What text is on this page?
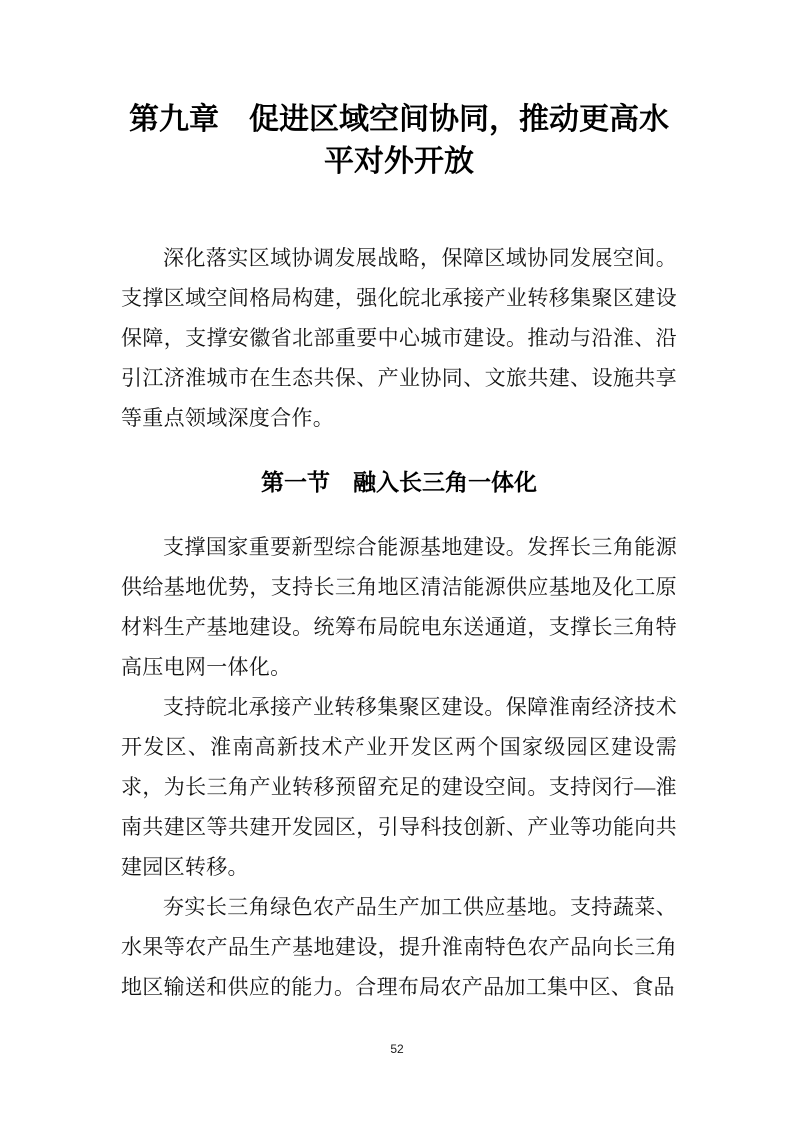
第九章　促进区域空间协同，推动更高水
平对外开放

深化落实区域协调发展战略，保障区域协同发展空间。支撑区域空间格局构建，强化皖北承接产业转移集聚区建设保障，支撑安徽省北部重要中心城市建设。推动与沿淮、沿引江济淮城市在生态共保、产业协同、文旅共建、设施共享等重点领域深度合作。

第一节　融入长三角一体化

支撑国家重要新型综合能源基地建设。发挥长三角能源供给基地优势，支持长三角地区清洁能源供应基地及化工原材料生产基地建设。统筹布局皖电东送通道，支撑长三角特高压电网一体化。

支持皖北承接产业转移集聚区建设。保障淮南经济技术开发区、淮南高新技术产业开发区两个国家级园区建设需求，为长三角产业转移预留充足的建设空间。支持闵行—淮南共建区等共建开发园区，引导科技创新、产业等功能向共建园区转移。

夯实长三角绿色农产品生产加工供应基地。支持蔬菜、水果等农产品生产基地建设，提升淮南特色农产品向长三角地区输送和供应的能力。合理布局农产品加工集中区、食品

52
